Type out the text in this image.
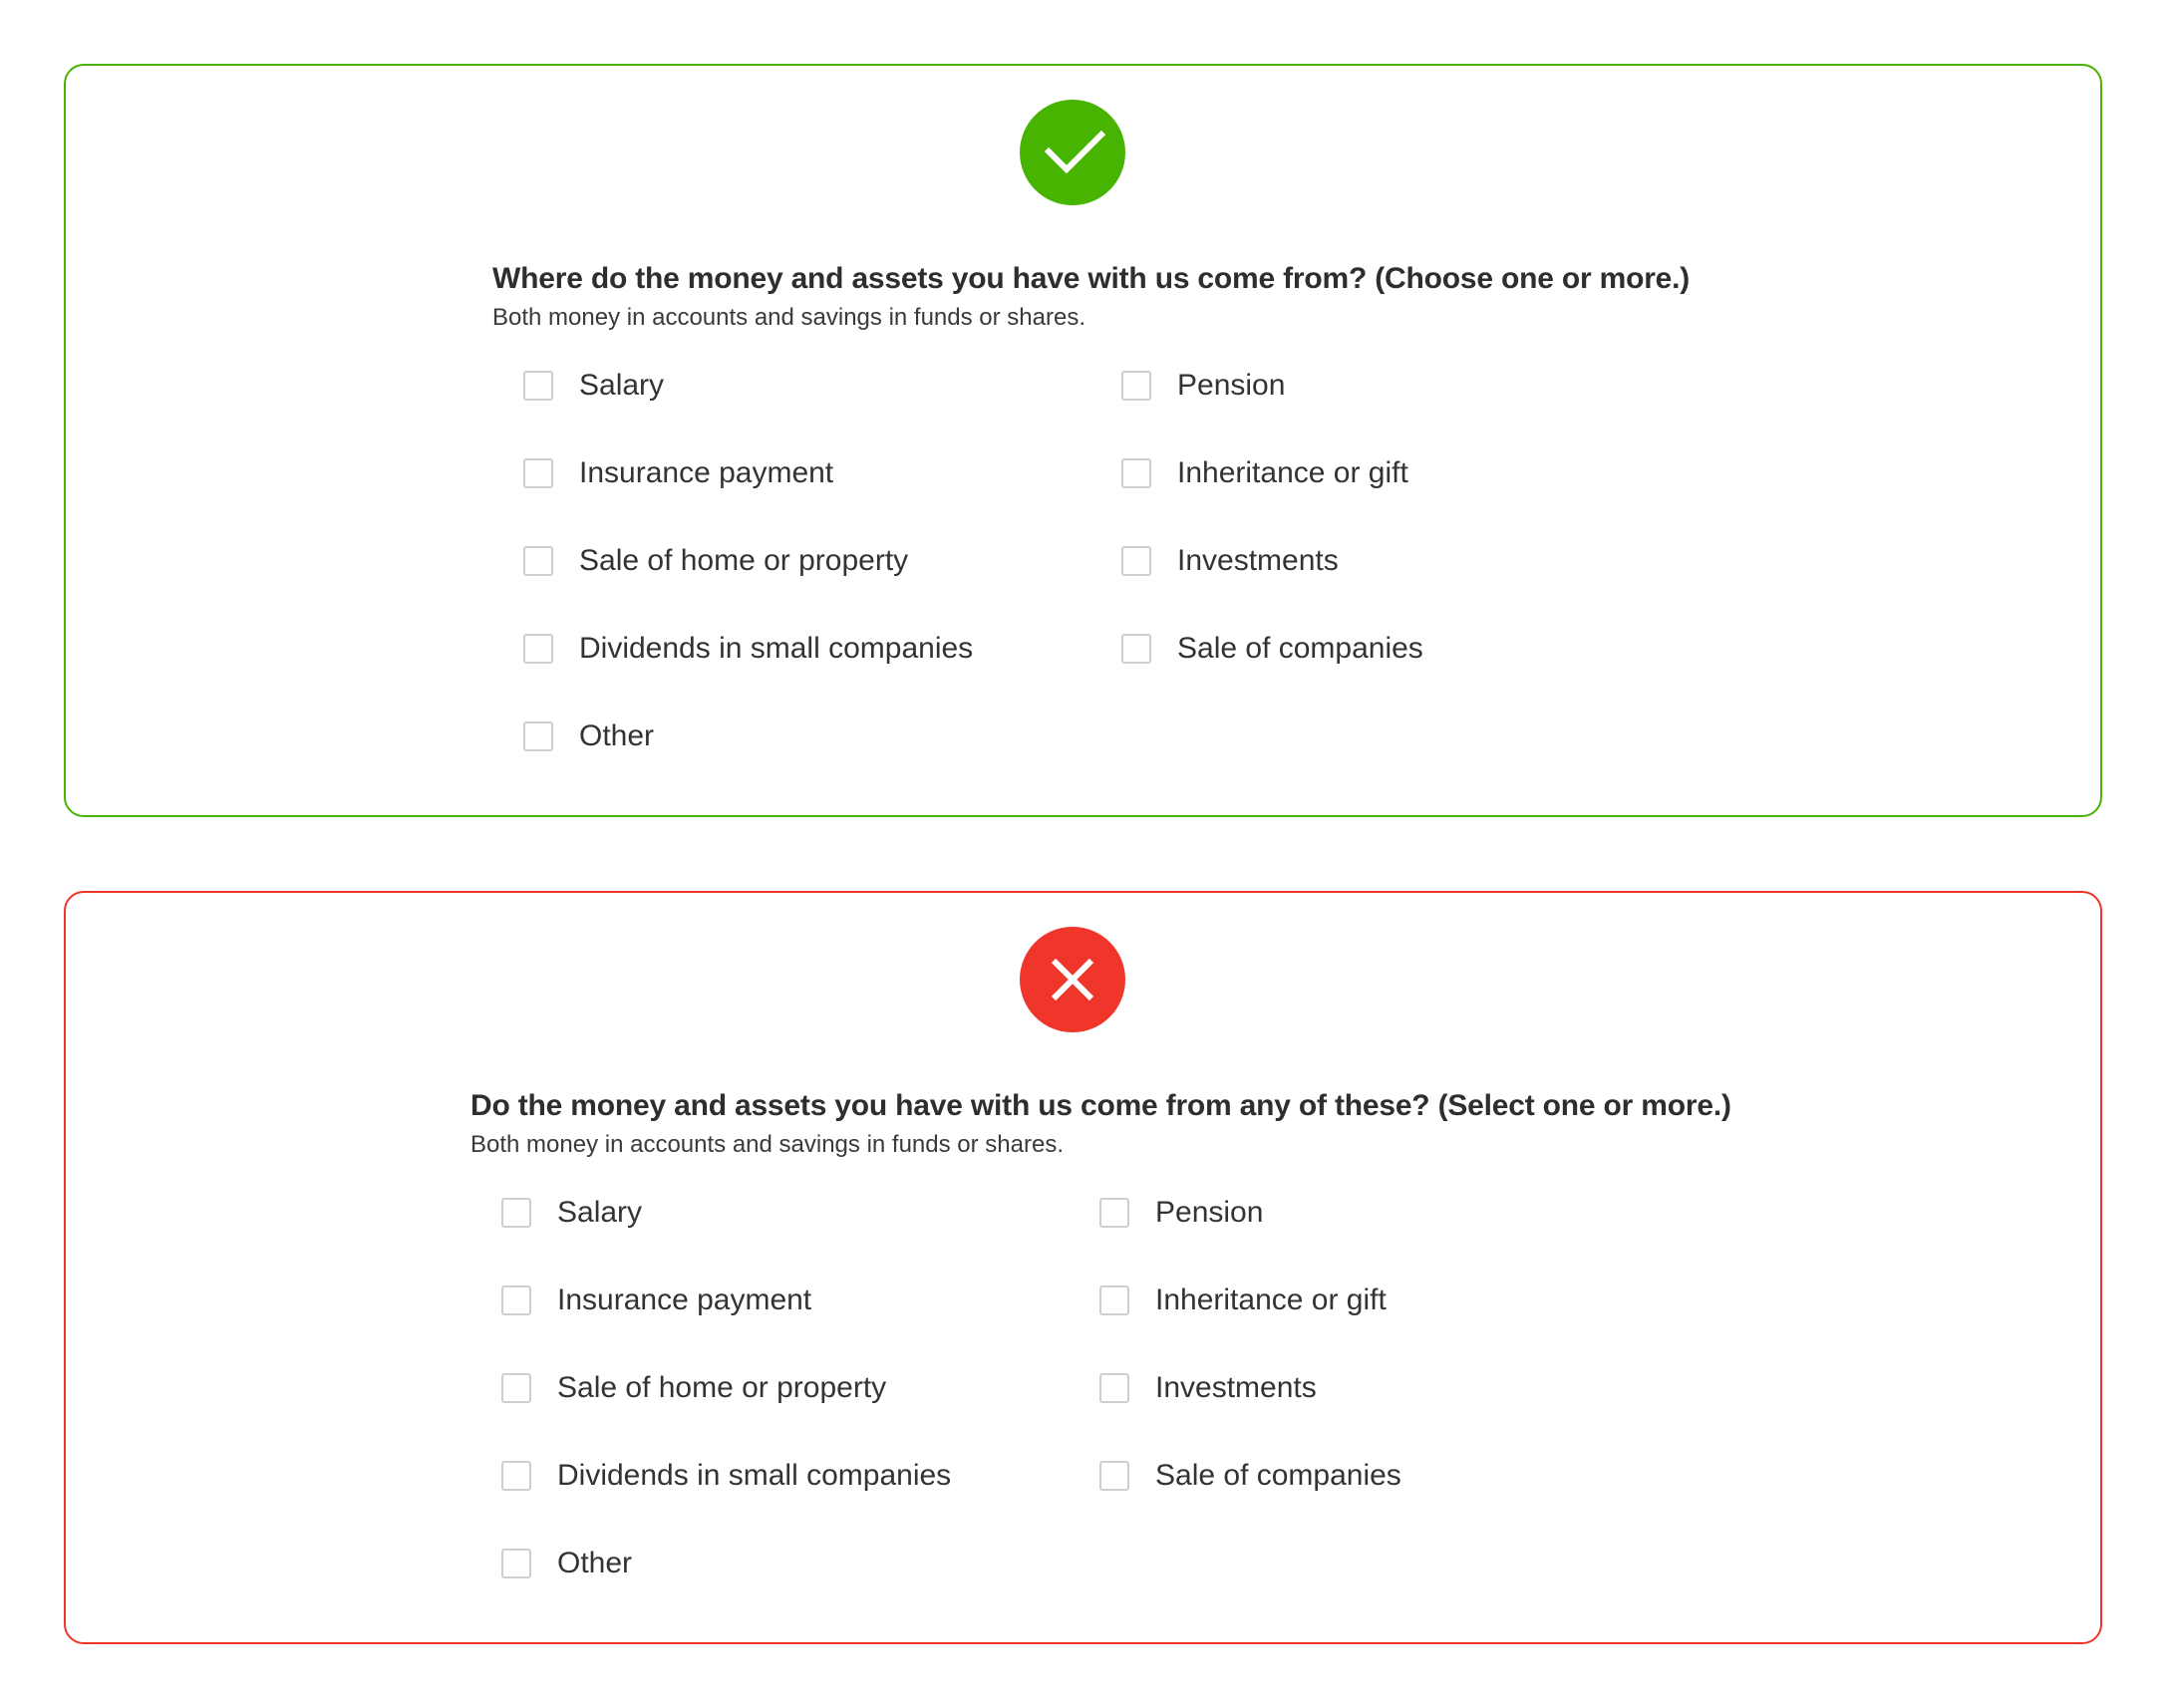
Where do the money and assets you have with us come from? (Choose one or more.)
Both money in accounts and savings in funds or shares.
Salary	Pension
Insurance payment	Inheritance or gift
Sale of home or property	Investments
Dividends in small companies	Sale of companies
Other
Do the money and assets you have with us come from any of these? (Select one or more.)
Both money in accounts and savings in funds or shares.
Salary	Pension
Insurance payment	Inheritance or gift
Sale of home or property	Investments
Dividends in small companies	Sale of companies
Other
